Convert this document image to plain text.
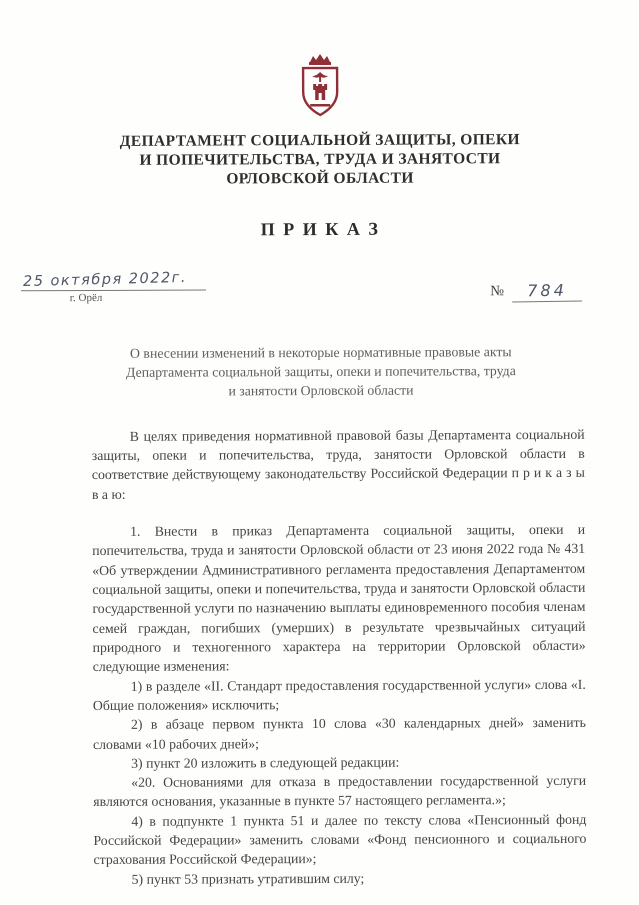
ДЕПАРТАМЕНТ СОЦИАЛЬНОЙ ЗАЩИТЫ, ОПЕКИ
И ПОПЕЧИТЕЛЬСТВА, ТРУДА И ЗАНЯТОСТИ
ОРЛОВСКОЙ ОБЛАСТИ
П Р И К А З
25 октября 2022г.
г. Орёл	№	784
О внесении изменений в некоторые нормативные правовые акты
Департамента социальной защиты, опеки и попечительства, труда
и занятости Орловской области

В целях приведения нормативной правовой базы Департамента социальной защиты, опеки и попечительства, труда, занятости Орловской области в соответствие действующему законодательству Российской Федерации п р и к а з ы в а ю:

1. Внести в приказ Департамента социальной защиты, опеки и попечительства, труда и занятости Орловской области от 23 июня 2022 года № 431 «Об утверждении Административного регламента предоставления Департаментом социальной защиты, опеки и попечительства, труда и занятости Орловской области государственной услуги по назначению выплаты единовременного пособия членам семей граждан, погибших (умерших) в результате чрезвычайных ситуаций природного и техногенного характера на территории Орловской области» следующие изменения:

1) в разделе «II. Стандарт предоставления государственной услуги» слова «I. Общие положения» исключить;

2) в абзаце первом пункта 10 слова «30 календарных дней» заменить словами «10 рабочих дней»;

3) пункт 20 изложить в следующей редакции:

«20. Основаниями для отказа в предоставлении государственной услуги являются основания, указанные в пункте 57 настоящего регламента.»;

4) в подпункте 1 пункта 51 и далее по тексту слова «Пенсионный фонд Российской Федерации» заменить словами «Фонд пенсионного и социального страхования Российской Федерации»;

5) пункт 53 признать утратившим силу;
